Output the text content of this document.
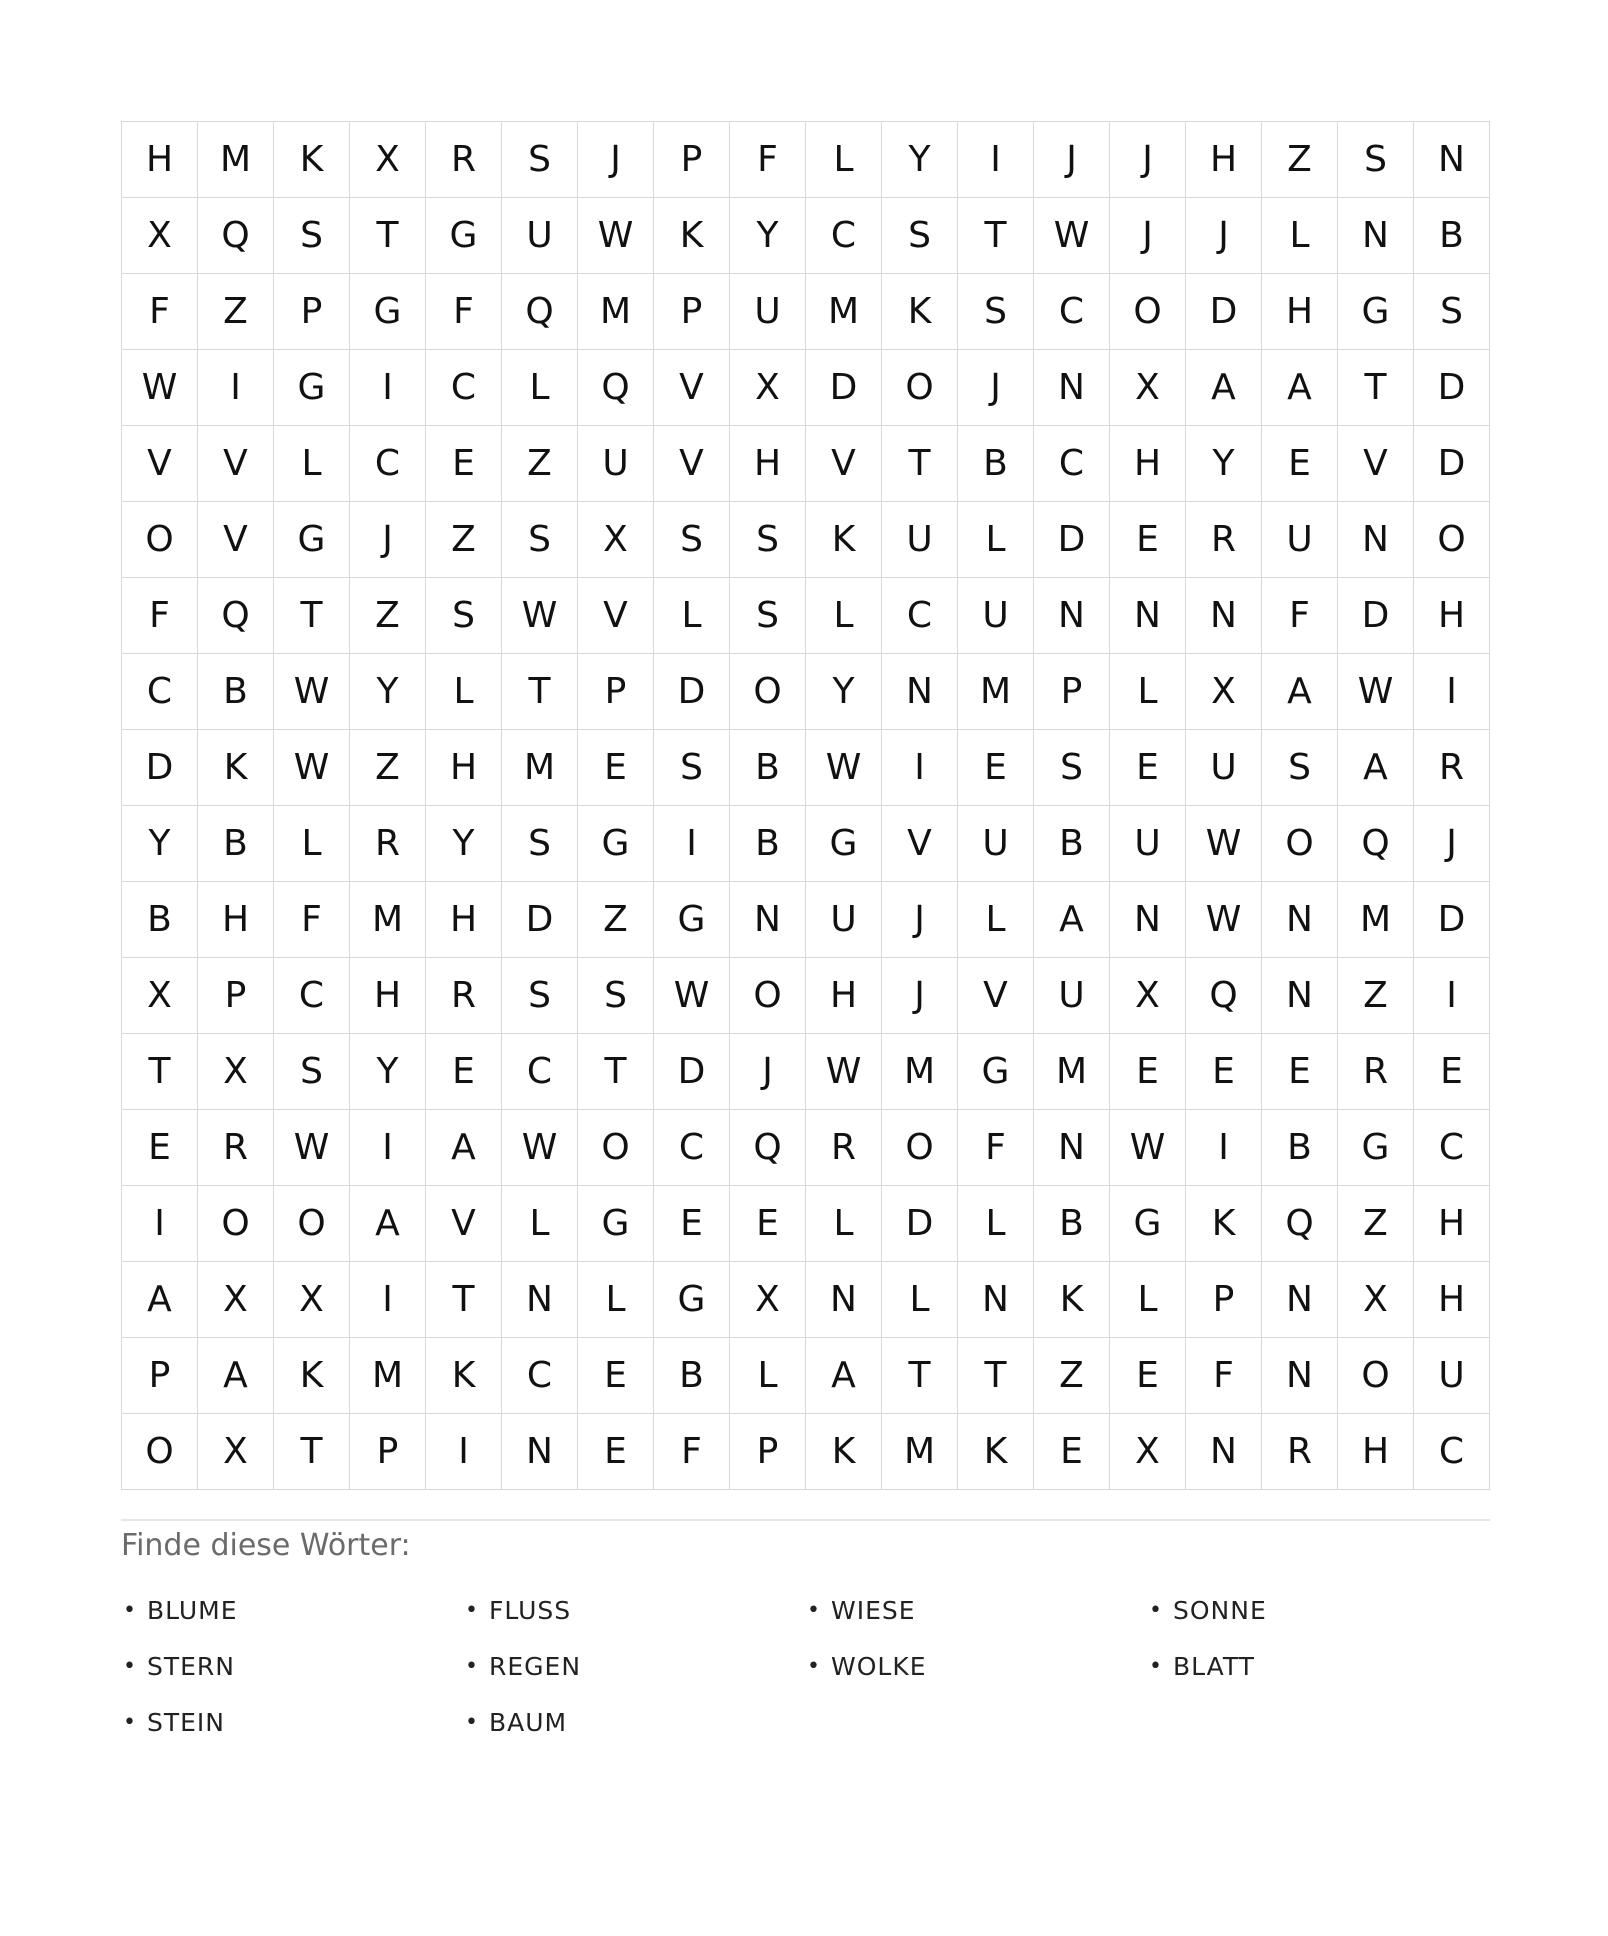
H	M	K	X	R	S	J	P	F	L	Y	I	J	J	H	Z	S	N
X	Q	S	T	G	U	W	K	Y	C	S	T	W	J	J	L	N	B
F	Z	P	G	F	Q	M	P	U	M	K	S	C	O	D	H	G	S
W	I	G	I	C	L	Q	V	X	D	O	J	N	X	A	A	T	D
V	V	L	C	E	Z	U	V	H	V	T	B	C	H	Y	E	V	D
O	V	G	J	Z	S	X	S	S	K	U	L	D	E	R	U	N	O
F	Q	T	Z	S	W	V	L	S	L	C	U	N	N	N	F	D	H
C	B	W	Y	L	T	P	D	O	Y	N	M	P	L	X	A	W	I
D	K	W	Z	H	M	E	S	B	W	I	E	S	E	U	S	A	R
Y	B	L	R	Y	S	G	I	B	G	V	U	B	U	W	O	Q	J
B	H	F	M	H	D	Z	G	N	U	J	L	A	N	W	N	M	D
X	P	C	H	R	S	S	W	O	H	J	V	U	X	Q	N	Z	I
T	X	S	Y	E	C	T	D	J	W	M	G	M	E	E	E	R	E
E	R	W	I	A	W	O	C	Q	R	O	F	N	W	I	B	G	C
I	O	O	A	V	L	G	E	E	L	D	L	B	G	K	Q	Z	H
A	X	X	I	T	N	L	G	X	N	L	N	K	L	P	N	X	H
P	A	K	M	K	C	E	B	L	A	T	T	Z	E	F	N	O	U
O	X	T	P	I	N	E	F	P	K	M	K	E	X	N	R	H	C
Finde diese Wörter:
• BLUME	• FLUSS	• WIESE	• SONNE
• STERN	• REGEN	• WOLKE	• BLATT
• STEIN	• BAUM
